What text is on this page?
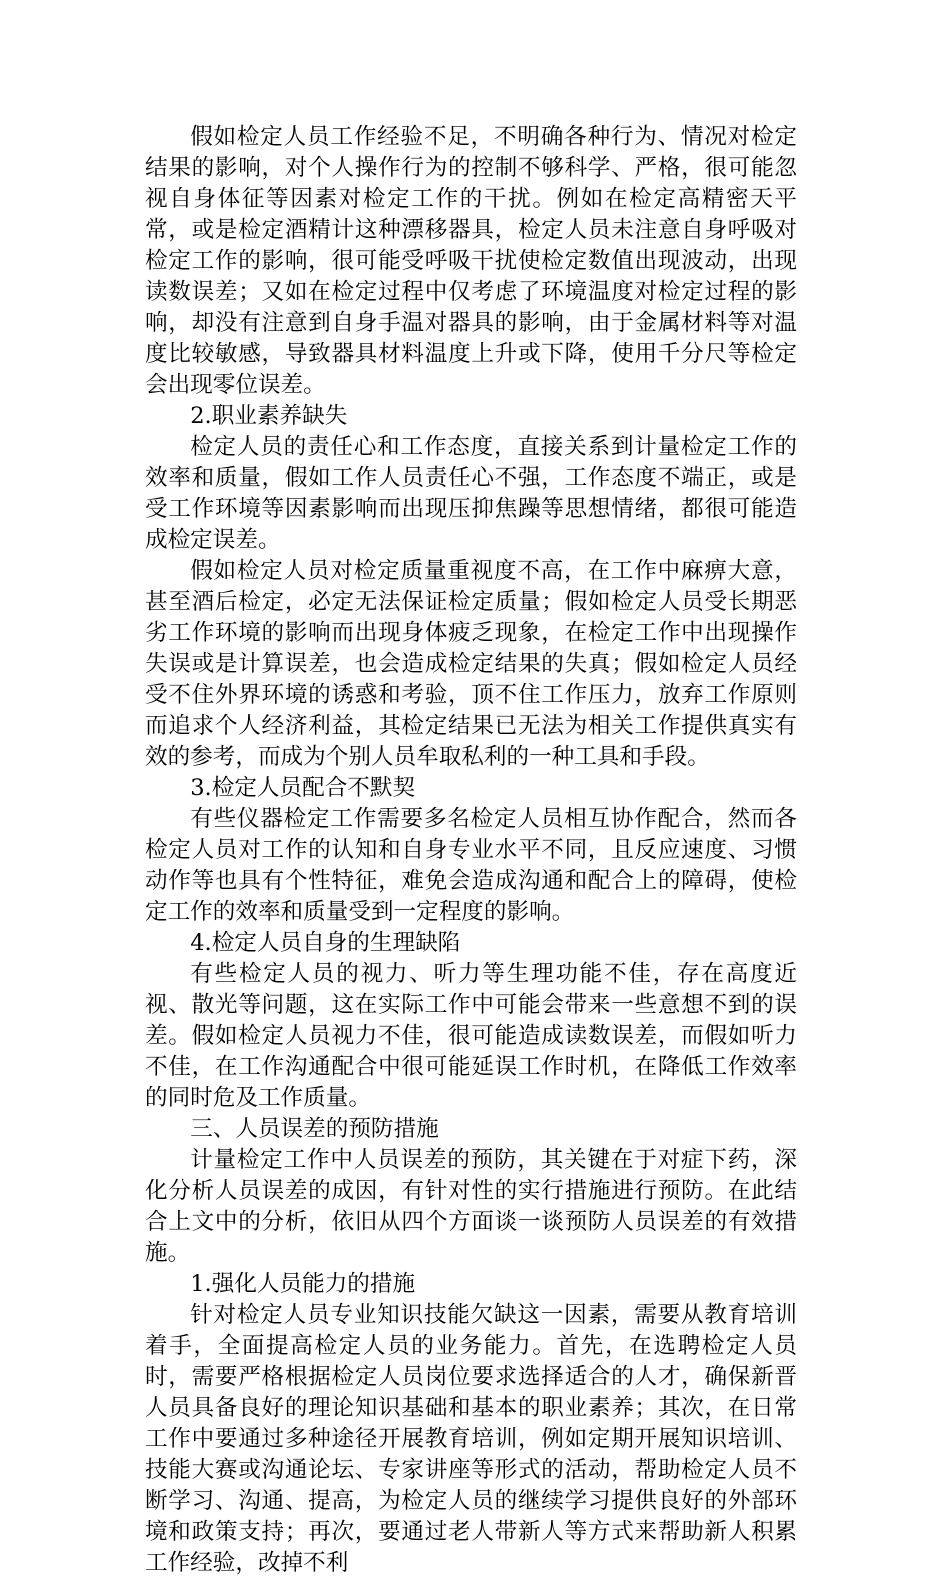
假如检定人员工作经验不足，不明确各种行为、情况对检定结果的影响，对个人操作行为的控制不够科学、严格，很可能忽视自身体征等因素对检定工作的干扰。例如在检定高精密天平常，或是检定酒精计这种漂移器具，检定人员未注意自身呼吸对检定工作的影响，很可能受呼吸干扰使检定数值出现波动，出现读数误差；又如在检定过程中仅考虑了环境温度对检定过程的影响，却没有注意到自身手温对器具的影响，由于金属材料等对温度比较敏感，导致器具材料温度上升或下降，使用千分尺等检定会出现零位误差。

2.职业素养缺失

检定人员的责任心和工作态度，直接关系到计量检定工作的效率和质量，假如工作人员责任心不强，工作态度不端正，或是受工作环境等因素影响而出现压抑焦躁等思想情绪，都很可能造成检定误差。

假如检定人员对检定质量重视度不高，在工作中麻痹大意，甚至酒后检定，必定无法保证检定质量；假如检定人员受长期恶劣工作环境的影响而出现身体疲乏现象，在检定工作中出现操作失误或是计算误差，也会造成检定结果的失真；假如检定人员经受不住外界环境的诱惑和考验，顶不住工作压力，放弃工作原则而追求个人经济利益，其检定结果已无法为相关工作提供真实有效的参考，而成为个别人员牟取私利的一种工具和手段。

3.检定人员配合不默契

有些仪器检定工作需要多名检定人员相互协作配合，然而各检定人员对工作的认知和自身专业水平不同，且反应速度、习惯动作等也具有个性特征，难免会造成沟通和配合上的障碍，使检定工作的效率和质量受到一定程度的影响。

4.检定人员自身的生理缺陷

有些检定人员的视力、听力等生理功能不佳，存在高度近视、散光等问题，这在实际工作中可能会带来一些意想不到的误差。假如检定人员视力不佳，很可能造成读数误差，而假如听力不佳，在工作沟通配合中很可能延误工作时机，在降低工作效率的同时危及工作质量。

三、人员误差的预防措施

计量检定工作中人员误差的预防，其关键在于对症下药，深化分析人员误差的成因，有针对性的实行措施进行预防。在此结合上文中的分析，依旧从四个方面谈一谈预防人员误差的有效措施。

1.强化人员能力的措施

针对检定人员专业知识技能欠缺这一因素，需要从教育培训着手，全面提高检定人员的业务能力。首先，在选聘检定人员时，需要严格根据检定人员岗位要求选择适合的人才，确保新晋人员具备良好的理论知识基础和基本的职业素养；其次，在日常工作中要通过多种途径开展教育培训，例如定期开展知识培训、技能大赛或沟通论坛、专家讲座等形式的活动，帮助检定人员不断学习、沟通、提高，为检定人员的继续学习提供良好的外部环境和政策支持；再次，要通过老人带新人等方式来帮助新人积累工作经验，改掉不利
